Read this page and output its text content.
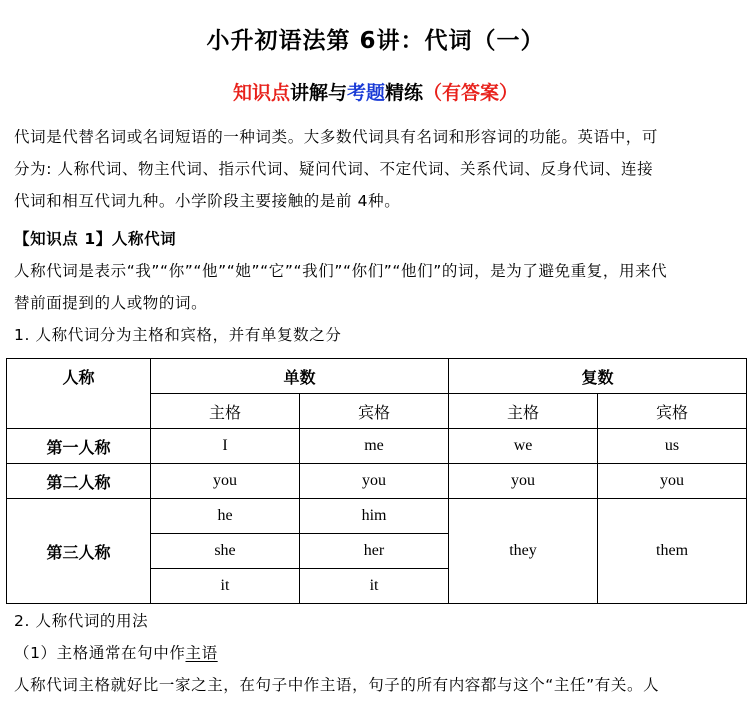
小升初语法第 6讲：代词（一）
知识点讲解与考题精练（有答案）
代词是代替名词或名词短语的一种词类。大多数代词具有名词和形容词的功能。英语中，可
分为: 人称代词、物主代词、指示代词、疑问代词、不定代词、关系代词、反身代词、连接
代词和相互代词九种。小学阶段主要接触的是前 4种。
【知识点 1】人称代词
人称代词是表示“我”“你”“他”“她”“它”“我们”“你们”“他们”的词，是为了避免重复，用来代
替前面提到的人或物的词。
1. 人称代词分为主格和宾格，并有单复数之分
人称	单数		复数	
	主格	宾格	主格	宾格
第一人称	I	me	we	us
第二人称	you	you	you	you
第三人称	he	him	they	them
	she	her		
	it	it		
2. 人称代词的用法
（1）主格通常在句中作主语
人称代词主格就好比一家之主，在句子中作主语，句子的所有内容都与这个“主任”有关。人
